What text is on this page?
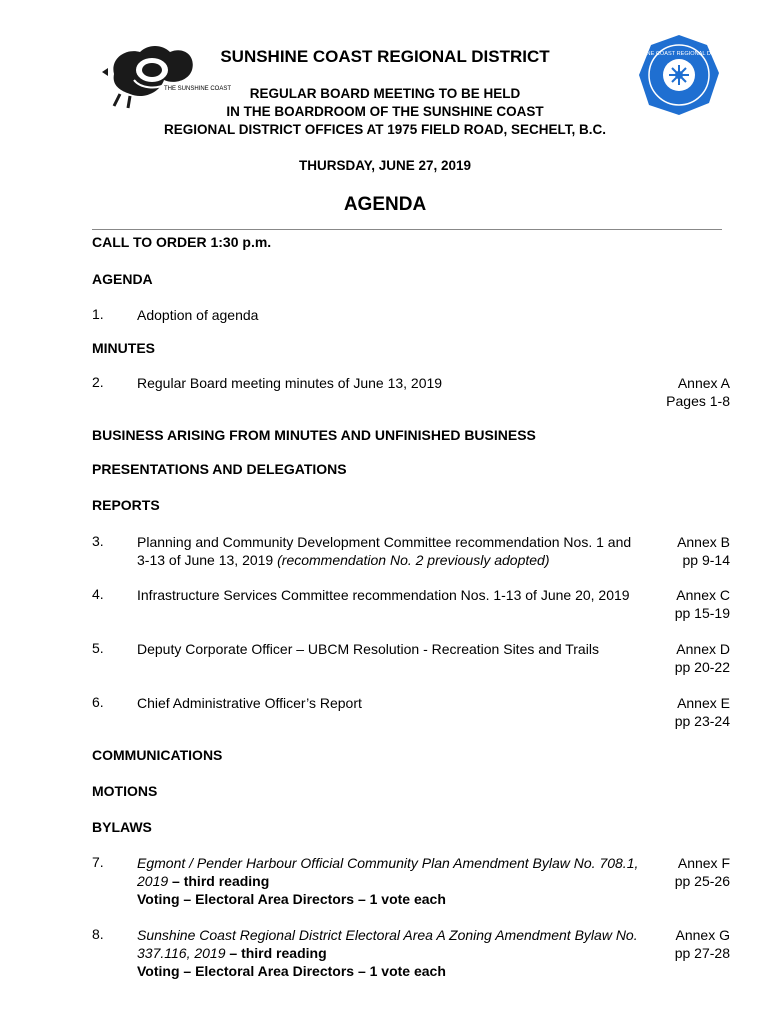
THE SUNSHINE COAST
SUNSHINE COAST REGIONAL DISTRICT
SUNSHINE COAST REGIONAL DISTRICT
REGULAR BOARD MEETING TO BE HELD
IN THE BOARDROOM OF THE SUNSHINE COAST
REGIONAL DISTRICT OFFICES AT 1975 FIELD ROAD, SECHELT, B.C.
THURSDAY, JUNE 27, 2019
AGENDA
CALL TO ORDER 1:30 p.m.
AGENDA
1. Adoption of agenda
MINUTES
2. Regular Board meeting minutes of June 13, 2019	Annex A
Pages 1-8
BUSINESS ARISING FROM MINUTES AND UNFINISHED BUSINESS
PRESENTATIONS AND DELEGATIONS
REPORTS
3. Planning and Community Development Committee recommendation Nos. 1 and 3-13 of June 13, 2019 (recommendation No. 2 previously adopted)
Annex B
pp 9-14
4. Infrastructure Services Committee recommendation Nos. 1-13 of June 20, 2019	Annex C
pp 15-19
5. Deputy Corporate Officer – UBCM Resolution - Recreation Sites and Trails	Annex D
pp 20-22
6. Chief Administrative Officer’s Report	Annex E
pp 23-24
COMMUNICATIONS
MOTIONS
BYLAWS
7. Egmont / Pender Harbour Official Community Plan Amendment Bylaw No. 708.1, 2019 – third reading
Voting – Electoral Area Directors – 1 vote each
Annex F
pp 25-26
8. Sunshine Coast Regional District Electoral Area A Zoning Amendment Bylaw No. 337.116, 2019 – third reading
Voting – Electoral Area Directors – 1 vote each
Annex G
pp 27-28
